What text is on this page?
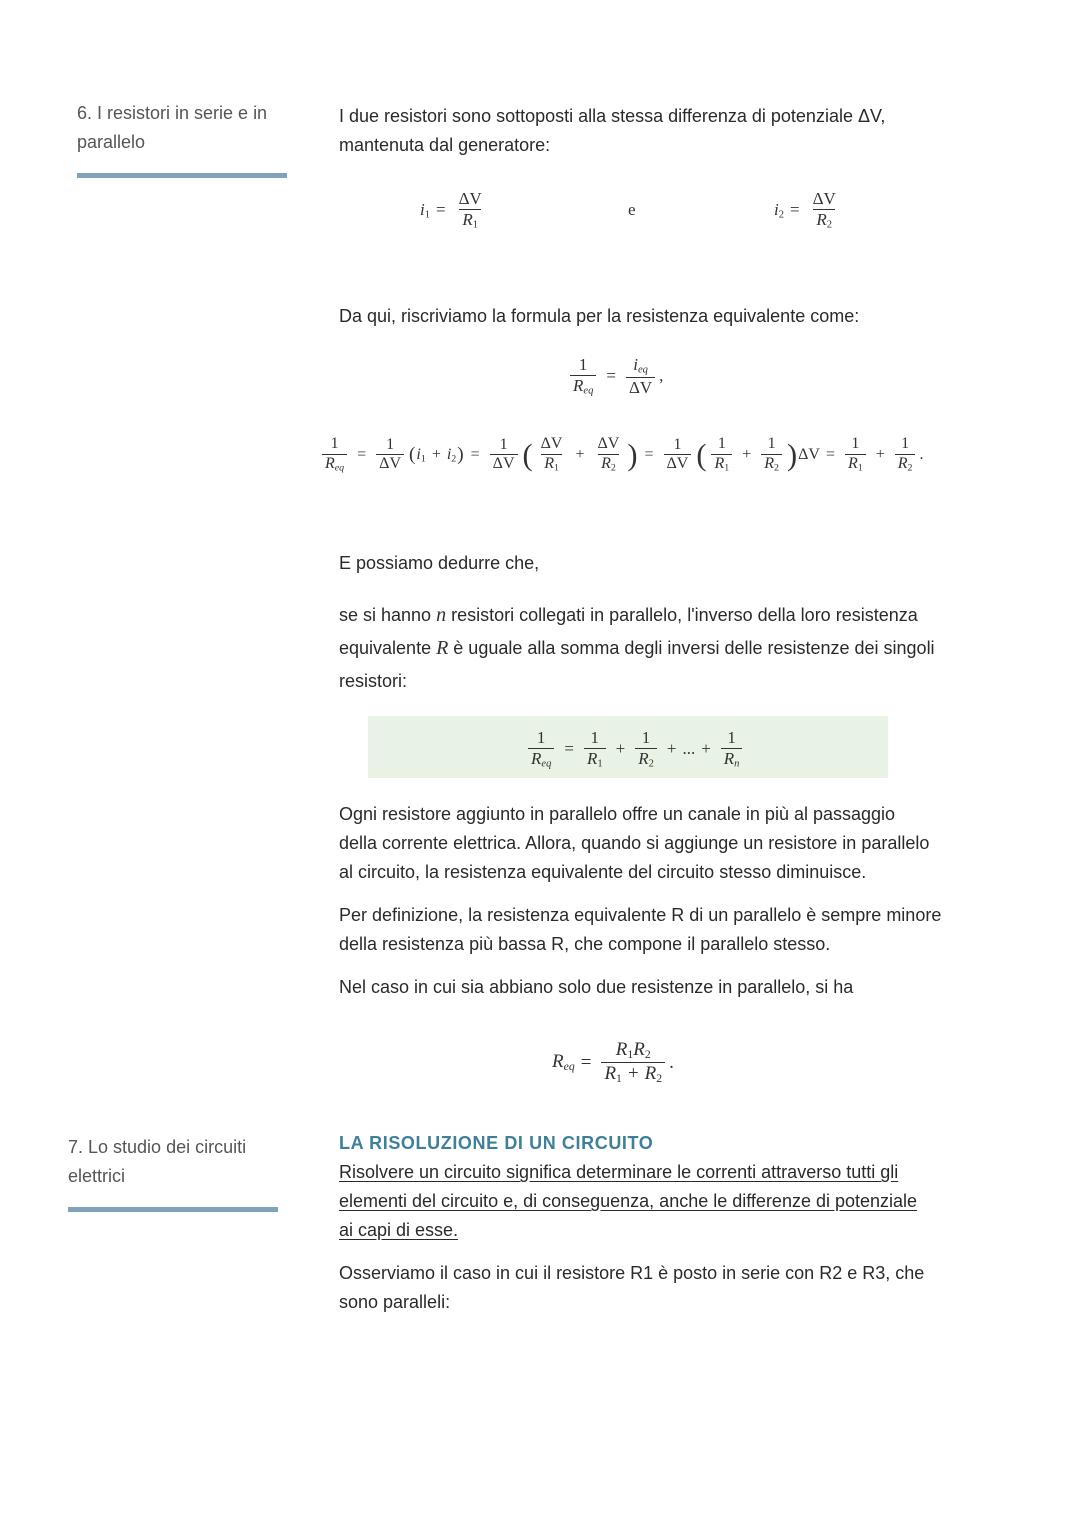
6. I resistori in serie e in
parallelo
I due resistori sono sottoposti alla stessa differenza di potenziale ΔV,
mantenuta dal generatore:
$i_1 = \frac{\Delta V}{R_1}$	e	$i_2 = \frac{\Delta V}{R_2}$
Da qui, riscriviamo la formula per la resistenza equivalente come:
$\frac{1}{R_{eq}} = \frac{i_{eq}}{\Delta V}$ ,
$\frac{1}{R_{eq}} = \frac{1}{\Delta V}$ ( $i_1 + i_2$ ) = $\frac{1}{\Delta V}$ ( $\frac{\Delta V}{R_1} + \frac{\Delta V}{R_2}$ ) = $\frac{1}{\Delta V}$ ( $\frac{1}{R_1} + \frac{1}{R_2}$ ) $\Delta V = \frac{1}{R_1} + \frac{1}{R_2}$ .
E possiamo dedurre che,
se si hanno n resistori collegati in parallelo, l'inverso della loro resistenza
equivalente R è uguale alla somma degli inversi delle resistenze dei singoli
resistori:
$\frac{1}{R_{eq}} = \frac{1}{R_1} + \frac{1}{R_2}$ + ... + $\frac{1}{R_n}$
Ogni resistore aggiunto in parallelo offre un canale in più al passaggio
della corrente elettrica. Allora, quando si aggiunge un resistore in parallelo
al circuito, la resistenza equivalente del circuito stesso diminuisce.
Per definizione, la resistenza equivalente R di un parallelo è sempre minore
della resistenza più bassa R, che compone il parallelo stesso.
Nel caso in cui sia abbiano solo due resistenze in parallelo, si ha
$R_{eq} = \frac{R_1R_2}{R_1 + R_2}$ .
7. Lo studio dei circuiti
elettrici
LA RISOLUZIONE DI UN CIRCUITO
Risolvere un circuito significa determinare le correnti attraverso tutti gli
elementi del circuito e, di conseguenza, anche le differenze di potenziale
ai capi di esse.
Osserviamo il caso in cui il resistore R1 è posto in serie con R2 e R3, che
sono paralleli:
